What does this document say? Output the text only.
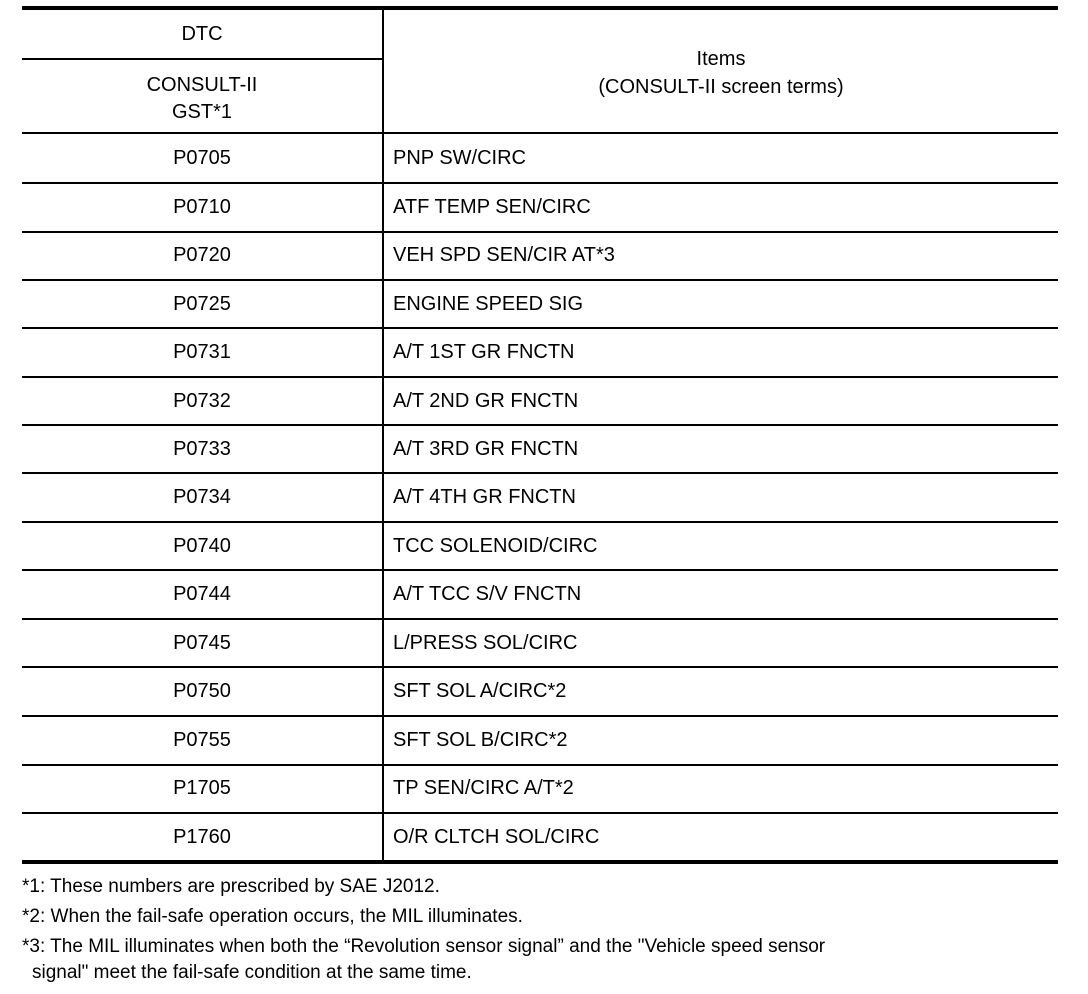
DTC
CONSULT-II
GST*1
Items
(CONSULT-II screen terms)
P0705	PNP SW/CIRC
P0710	ATF TEMP SEN/CIRC
P0720	VEH SPD SEN/CIR AT*3
P0725	ENGINE SPEED SIG
P0731	A/T 1ST GR FNCTN
P0732	A/T 2ND GR FNCTN
P0733	A/T 3RD GR FNCTN
P0734	A/T 4TH GR FNCTN
P0740	TCC SOLENOID/CIRC
P0744	A/T TCC S/V FNCTN
P0745	L/PRESS SOL/CIRC
P0750	SFT SOL A/CIRC*2
P0755	SFT SOL B/CIRC*2
P1705	TP SEN/CIRC A/T*2
P1760	O/R CLTCH SOL/CIRC
*1: These numbers are prescribed by SAE J2012.
*2: When the fail-safe operation occurs, the MIL illuminates.
*3: The MIL illuminates when both the “Revolution sensor signal” and the "Vehicle speed sensor
signal" meet the fail-safe condition at the same time.
